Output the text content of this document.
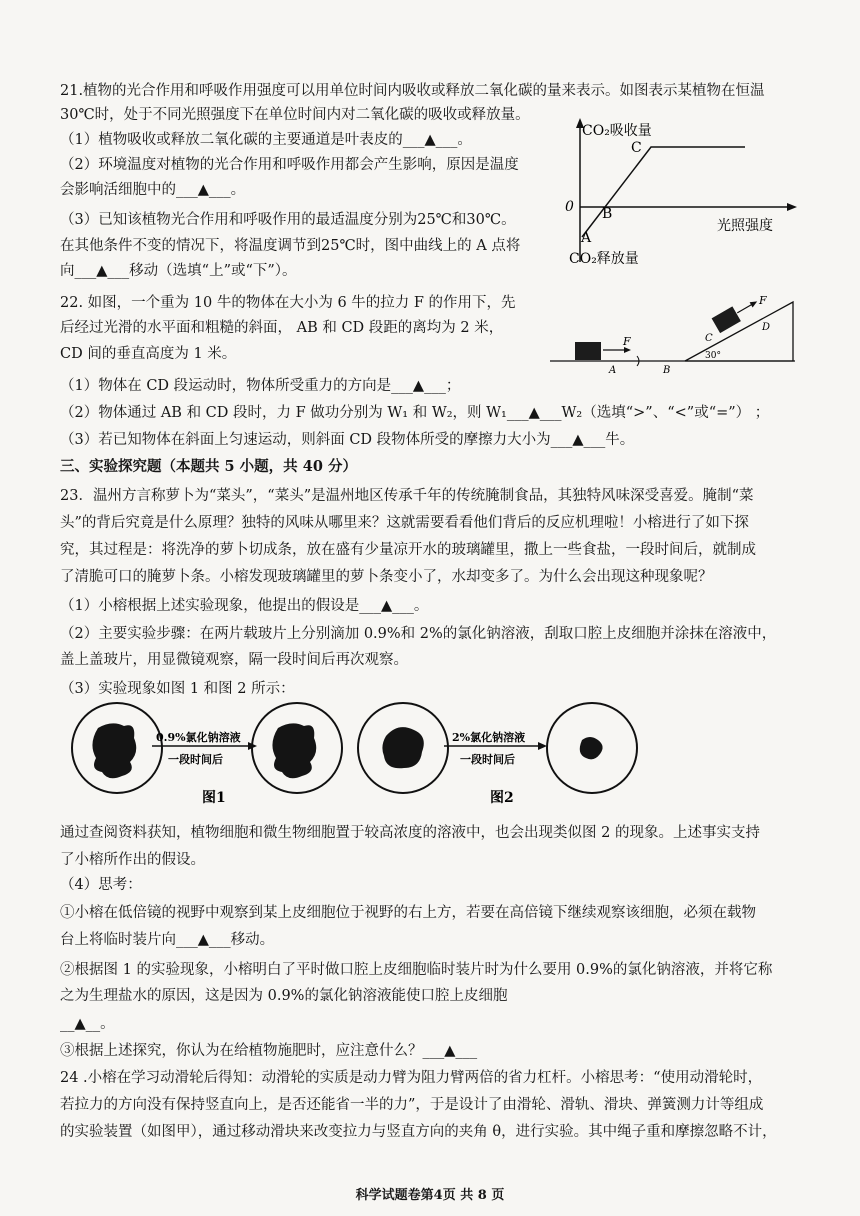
21.植物的光合作用和呼吸作用强度可以用单位时间内吸收或释放二氧化碳的量来表示。如图表示某植物在恒温
30℃时，处于不同光照强度下在单位时间内对二氧化碳的吸收或释放量。
（1）植物吸收或释放二氧化碳的主要通道是叶表皮的___▲___。
（2）环境温度对植物的光合作用和呼吸作用都会产生影响，原因是温度
会影响活细胞中的___▲___。
（3）已知该植物光合作用和呼吸作用的最适温度分别为25℃和30℃。
在其他条件不变的情况下，将温度调节到25℃时，图中曲线上的 A 点将
向___▲___移动（选填“上”或“下”）。
CO₂吸收量
CO₂释放量
光照强度
0
A
B
C
22. 如图，一个重为 10 牛的物体在大小为 6 牛的拉力 F 的作用下，先
后经过光滑的水平面和粗糙的斜面， AB 和 CD 段距的离均为 2 米，
CD 间的垂直高度为 1 米。
（1）物体在 CD 段运动时，物体所受重力的方向是___▲___；
（2）物体通过 AB 和 CD 段时，力 F 做功分别为 W₁ 和 W₂，则 W₁___▲___W₂（选填“>”、“<”或“=”） ；
（3）若已知物体在斜面上匀速运动，则斜面 CD 段物体所受的摩擦力大小为___▲___牛。
F
F
A	B
C
D
30°
三、实验探究题（本题共 5 小题，共 40 分）
23．温州方言称萝卜为“菜头”，“菜头”是温州地区传承千年的传统腌制食品，其独特风味深受喜爱。腌制“菜
头”的背后究竟是什么原理？独特的风味从哪里来？这就需要看看他们背后的反应机理啦！小榕进行了如下探
究，其过程是：将洗净的萝卜切成条，放在盛有少量凉开水的玻璃罐里，撒上一些食盐，一段时间后，就制成
了清脆可口的腌萝卜条。小榕发现玻璃罐里的萝卜条变小了，水却变多了。为什么会出现这种现象呢？
（1）小榕根据上述实验现象，他提出的假设是___▲___。
（2）主要实验步骤：在两片载玻片上分别滴加 0.9%和 2%的氯化钠溶液，刮取口腔上皮细胞并涂抹在溶液中，
盖上盖玻片，用显微镜观察，隔一段时间后再次观察。
（3）实验现象如图 1 和图 2 所示：
0.9%氯化钠溶液
一段时间后
2%氯化钠溶液
一段时间后
图1	图2
通过查阅资料获知，植物细胞和微生物细胞置于较高浓度的溶液中，也会出现类似图 2 的现象。上述事实支持
了小榕所作出的假设。
（4）思考：
①小榕在低倍镜的视野中观察到某上皮细胞位于视野的右上方，若要在高倍镜下继续观察该细胞，必须在载物
台上将临时装片向___▲___移动。
②根据图 1 的实验现象，小榕明白了平时做口腔上皮细胞临时装片时为什么要用 0.9%的氯化钠溶液，并将它称
之为生理盐水的原因，这是因为 0.9%的氯化钠溶液能使口腔上皮细胞
__▲__。
③根据上述探究，你认为在给植物施肥时，应注意什么？___▲___
24 .小榕在学习动滑轮后得知：动滑轮的实质是动力臂为阻力臂两倍的省力杠杆。小榕思考：“使用动滑轮时，
若拉力的方向没有保持竖直向上，是否还能省一半的力”，于是设计了由滑轮、滑轨、滑块、弹簧测力计等组成
的实验装置（如图甲），通过移动滑块来改变拉力与竖直方向的夹角 θ，进行实验。其中绳子重和摩擦忽略不计，
科学试题卷第4页 共 8 页
